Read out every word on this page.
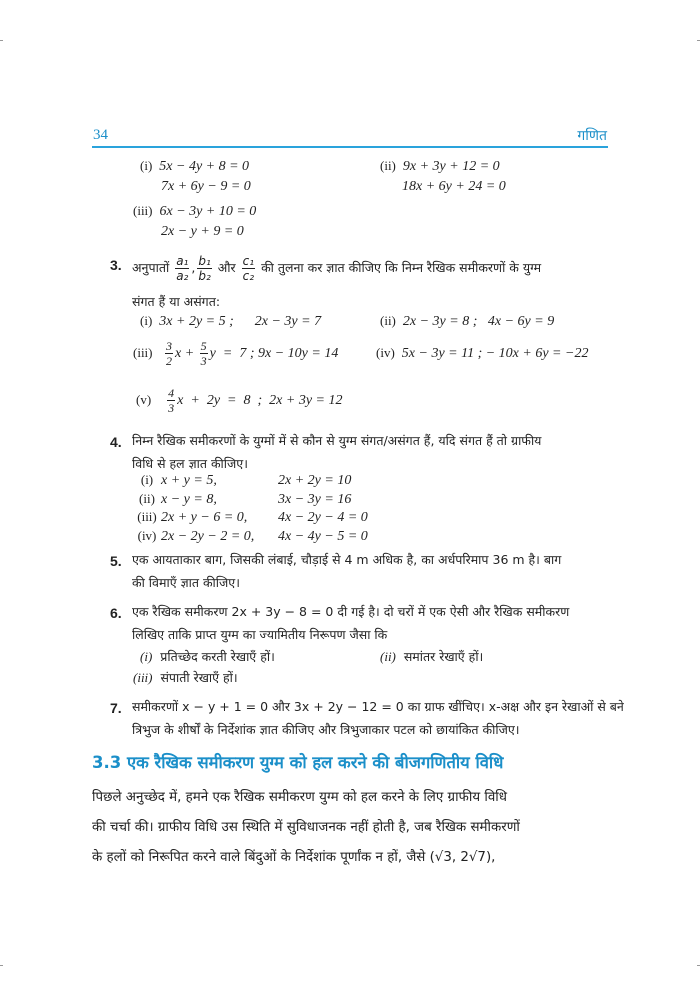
34	गणित
(i) 5x − 4y + 8 = 0
7x + 6y − 9 = 0
(ii) 9x + 3y + 12 = 0
18x + 6y + 24 = 0
(iii) 6x − 3y + 10 = 0
2x − y + 9 = 0
3. अनुपातों $\frac{\text{a₁}}{\text{a₂}}$ , $\frac{\text{b₁}}{\text{b₂}}$ और $\frac{\text{c₁}}{\text{c₂}}$ की तुलना कर ज्ञात कीजिए कि निम्न रैखिक समीकरणों के युग्म
संगत हैं या असंगत:
(i) 3x + 2y = 5 ;      2x − 3y = 7	(ii) 2x − 3y = 8 ;   4x − 6y = 9
$(iii) \frac{3}{2}$ $x + \frac{5}{3}$ y  =  7 ; 9x − 10y = 14	(iv) 5x − 3y = 11 ; − 10x + 6y = −22
$(v) \frac{4}{3}$ x  +  2y  =  8  ;  2x + 3y = 12
4. निम्न रैखिक समीकरणों के युग्मों में से कौन से युग्म संगत/असंगत हैं, यदि संगत हैं तो ग्राफीय
विधि से हल ज्ञात कीजिए।
(i) x + y = 5,	2x + 2y = 10
(ii) x − y = 8,	3x − 3y = 16
(iii) 2x + y − 6 = 0, 4x − 2y − 4 = 0
(iv) 2x − 2y − 2 = 0, 4x − 4y − 5 = 0
5. एक आयताकार बाग, जिसकी लंबाई, चौड़ाई से 4 m अधिक है, का अर्धपरिमाप 36 m है। बाग
की विमाएँ ज्ञात कीजिए।
6. एक रैखिक समीकरण 2x + 3y − 8 = 0 दी गई है। दो चरों में एक ऐसी और रैखिक समीकरण
लिखिए ताकि प्राप्त युग्म का ज्यामितीय निरूपण जैसा कि
(i) प्रतिच्छेद करती रेखाएँ हों।	(ii) समांतर रेखाएँ हों।
(iii) संपाती रेखाएँ हों।
7. समीकरणों x − y + 1 = 0 और 3x + 2y − 12 = 0 का ग्राफ खींचिए। x-अक्ष और इन रेखाओं से बने
त्रिभुज के शीर्षों के निर्देशांक ज्ञात कीजिए और त्रिभुजाकार पटल को छायांकित कीजिए।
3.3 एक रैखिक समीकरण युग्म को हल करने की बीजगणितीय विधि
पिछले अनुच्छेद में, हमने एक रैखिक समीकरण युग्म को हल करने के लिए ग्राफीय विधि
की चर्चा की। ग्राफीय विधि उस स्थिति में सुविधाजनक नहीं होती है, जब रैखिक समीकरणों
के हलों को निरूपित करने वाले बिंदुओं के निर्देशांक पूर्णांक न हों, जैसे (√3, 2√7),
